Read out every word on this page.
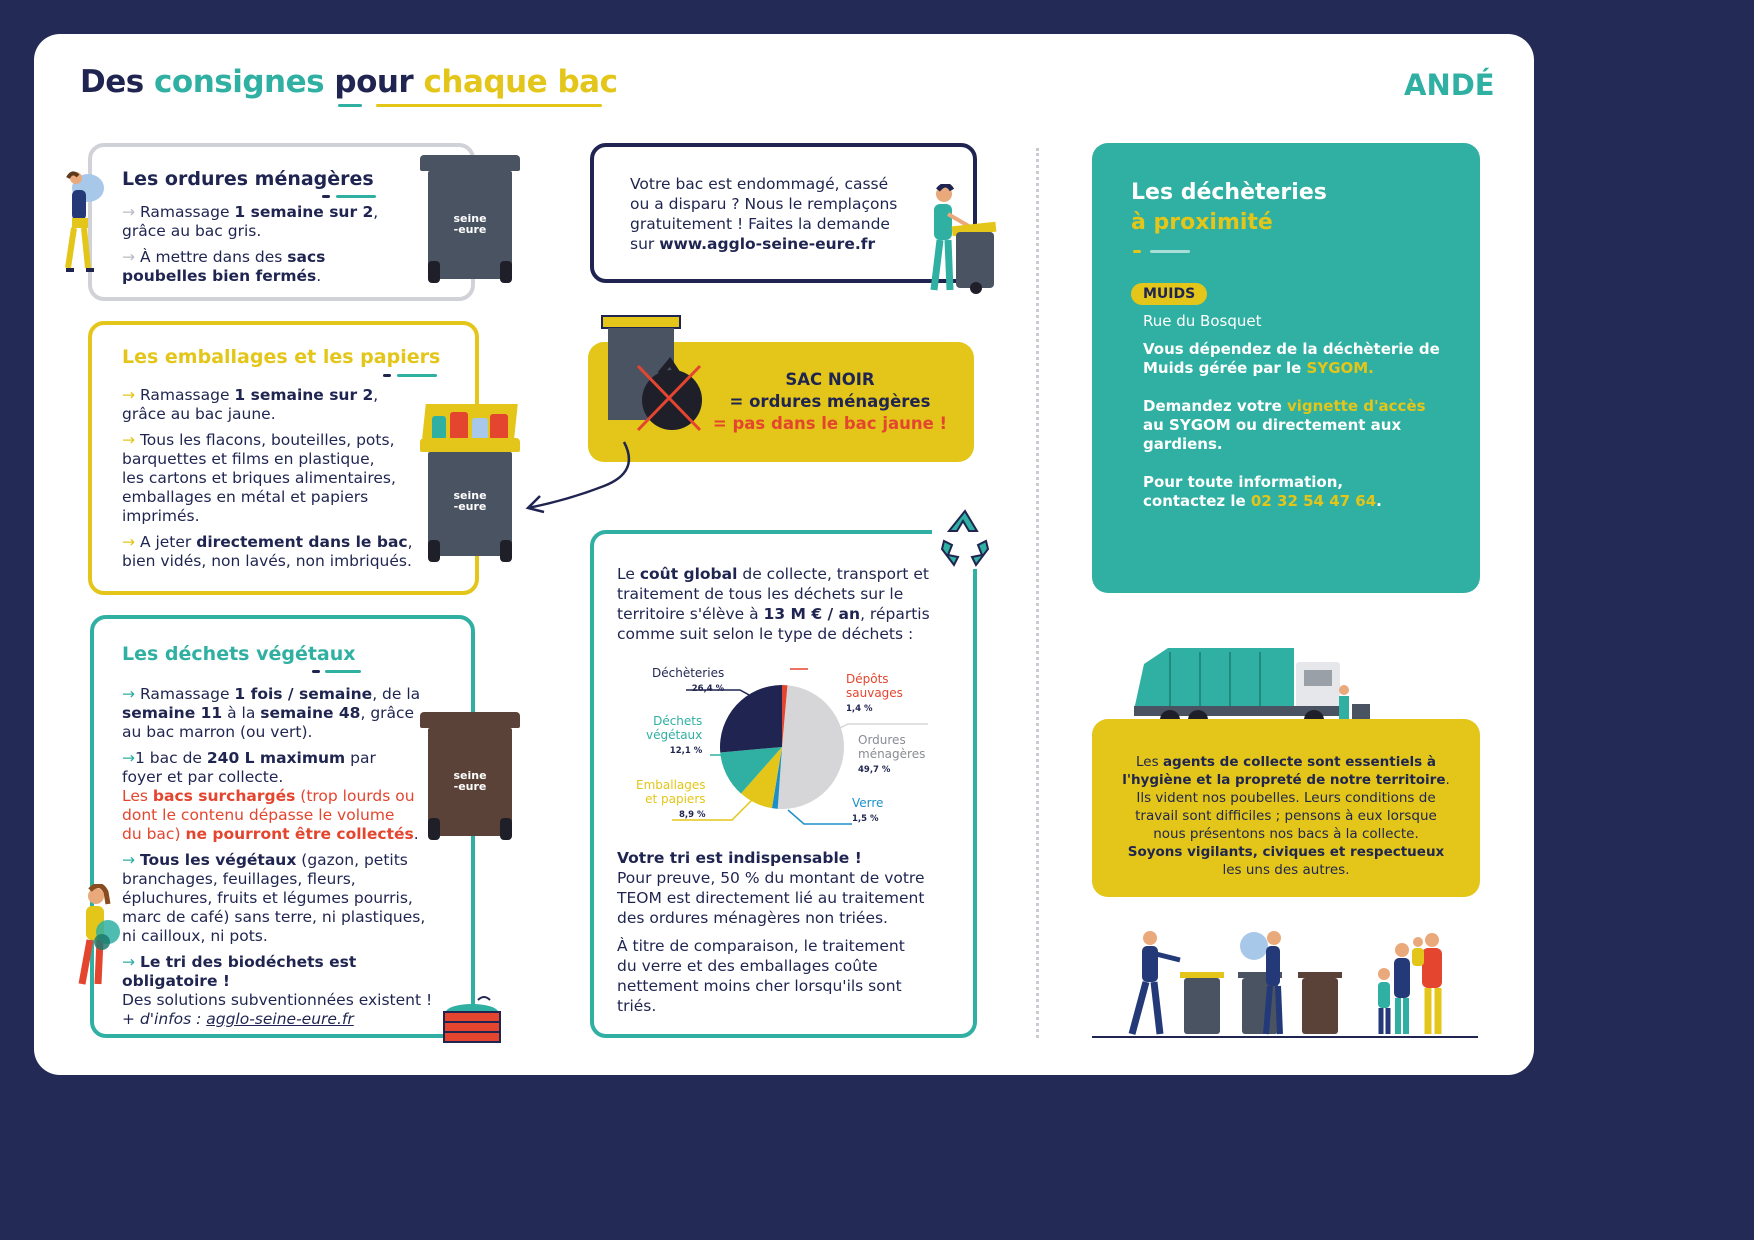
Des consignes pour chaque bac	ANDÉ
Les ordures ménagères

→ Ramassage 1 semaine sur 2,
grâce au bac gris.

→ À mettre dans des sacs
poubelles bien fermés.

seine
-eure
Les emballages et les papiers

→ Ramassage 1 semaine sur 2,
grâce au bac jaune.

→ Tous les flacons, bouteilles, pots,
barquettes et films en plastique,
les cartons et briques alimentaires,
emballages en métal et papiers
imprimés.

→ A jeter directement dans le bac,
bien vidés, non lavés, non imbriqués.

seine
-eure
Les déchets végétaux

→ Ramassage 1 fois / semaine, de la
semaine 11 à la semaine 48, grâce
au bac marron (ou vert).

→1 bac de 240 L maximum par
foyer et par collecte.
Les bacs surchargés (trop lourds ou
dont le contenu dépasse le volume
du bac) ne pourront être collectés.

→ Tous les végétaux (gazon, petits
branchages, feuillages, fleurs,
épluchures, fruits et légumes pourris,
marc de café) sans terre, ni plastiques,
ni cailloux, ni pots.

→ Le tri des biodéchets est obligatoire !
Des solutions subventionnées existent !
+ d'infos : agglo-seine-eure.fr

seine
-eure
Votre bac est endommagé, cassé
ou a disparu ? Nous le remplaçons
gratuitement ! Faites la demande
sur www.agglo-seine-eure.fr
SAC NOIR
= ordures ménagères
= pas dans le bac jaune !
Le coût global de collecte, transport et
traitement de tous les déchets sur le
territoire s'élève à 13 M € / an, répartis
comme suit selon le type de déchets :
Déchèteries
26,4 %
Dépôts
sauvages
1,4 %
Déchets
végétaux
12,1 %
Ordures
ménagères
49,7 %
Emballages
et papiers
8,9 %
Verre
1,5 %

Votre tri est indispensable !
Pour preuve, 50 % du montant de votre
TEOM est directement lié au traitement
des ordures ménagères non triées.

À titre de comparaison, le traitement
du verre et des emballages coûte
nettement moins cher lorsqu'ils sont
triés.

Les déchèteries
à proximité
MUIDS
Rue du Bosquet
Vous dépendez de la déchèterie de
Muids gérée par le SYGOM.
Demandez votre vignette d'accès
au SYGOM ou directement aux
gardiens.
Pour toute information,
contactez le 02 32 54 47 64.
Les agents de collecte sont essentiels à
l'hygiène et la propreté de notre territoire.
Ils vident nos poubelles. Leurs conditions de
travail sont difficiles ; pensons à eux lorsque
nous présentons nos bacs à la collecte.
Soyons vigilants, civiques et respectueux
les uns des autres.
